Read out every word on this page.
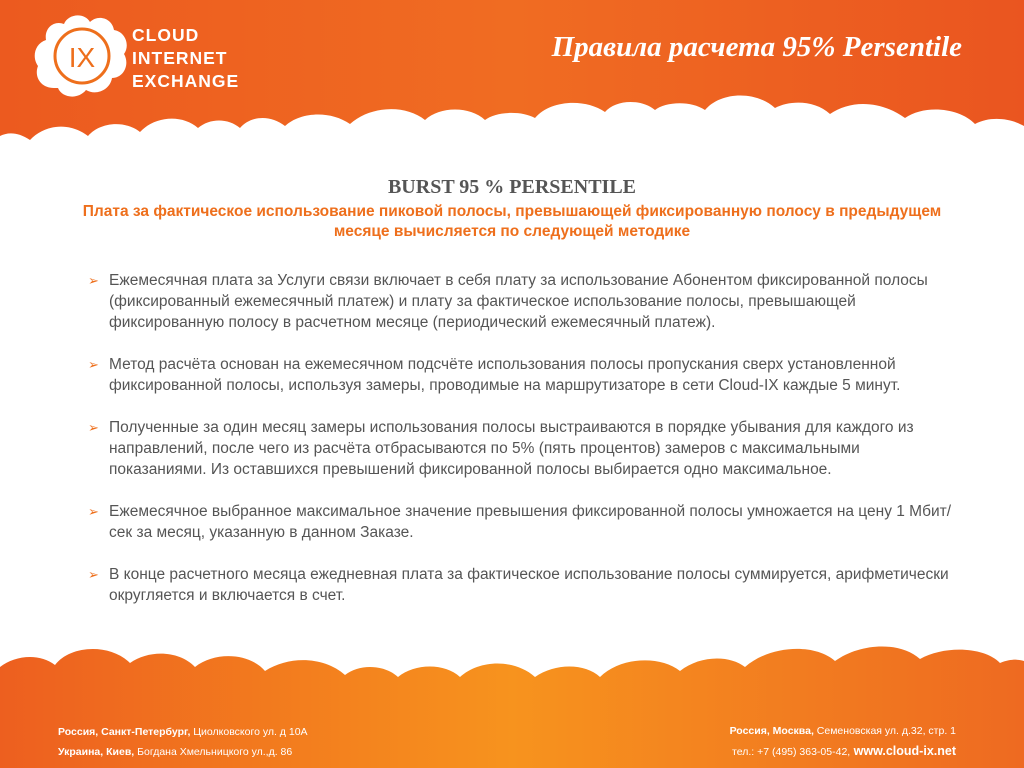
IX
CLOUD
INTERNET
EXCHANGE
Правила расчета 95% Persentile
BURST 95 % PERSENTILE
Плата за фактическое использование пиковой полосы, превышающей фиксированную полосу в предыдущем месяце вычисляется по следующей методике
➢ Ежемесячная плата за Услуги связи включает в себя плату за использование Абонентом фиксированной полосы (фиксированный ежемесячный платеж) и плату за фактическое использование полосы, превышающей фиксированную полосу в расчетном месяце (периодический ежемесячный платеж).
➢ Метод расчёта основан на ежемесячном подсчёте использования полосы пропускания сверх установленной фиксированной полосы, используя замеры, проводимые на маршрутизаторе в сети Cloud-IX каждые 5 минут.
➢ Полученные за один месяц замеры использования полосы выстраиваются в порядке убывания для каждого из направлений, после чего из расчёта отбрасываются по 5% (пять процентов) замеров с максимальными показаниями. Из оставшихся превышений фиксированной полосы выбирается одно максимальное.
➢ Ежемесячное выбранное максимальное значение превышения фиксированной полосы умножается на цену 1 Мбит/сек за месяц, указанную в данном Заказе.
➢ В конце расчетного месяца ежедневная плата за фактическое использование полосы суммируется, арифметически округляется и включается в счет.
Россия, Санкт-Петербург, Циолковского ул. д 10А
Украина, Киев, Богдана Хмельницкого ул.,д. 86
Россия, Москва, Семеновская ул. д.32, стр. 1
тел.: +7 (495) 363-05-42, www.cloud-ix.net
